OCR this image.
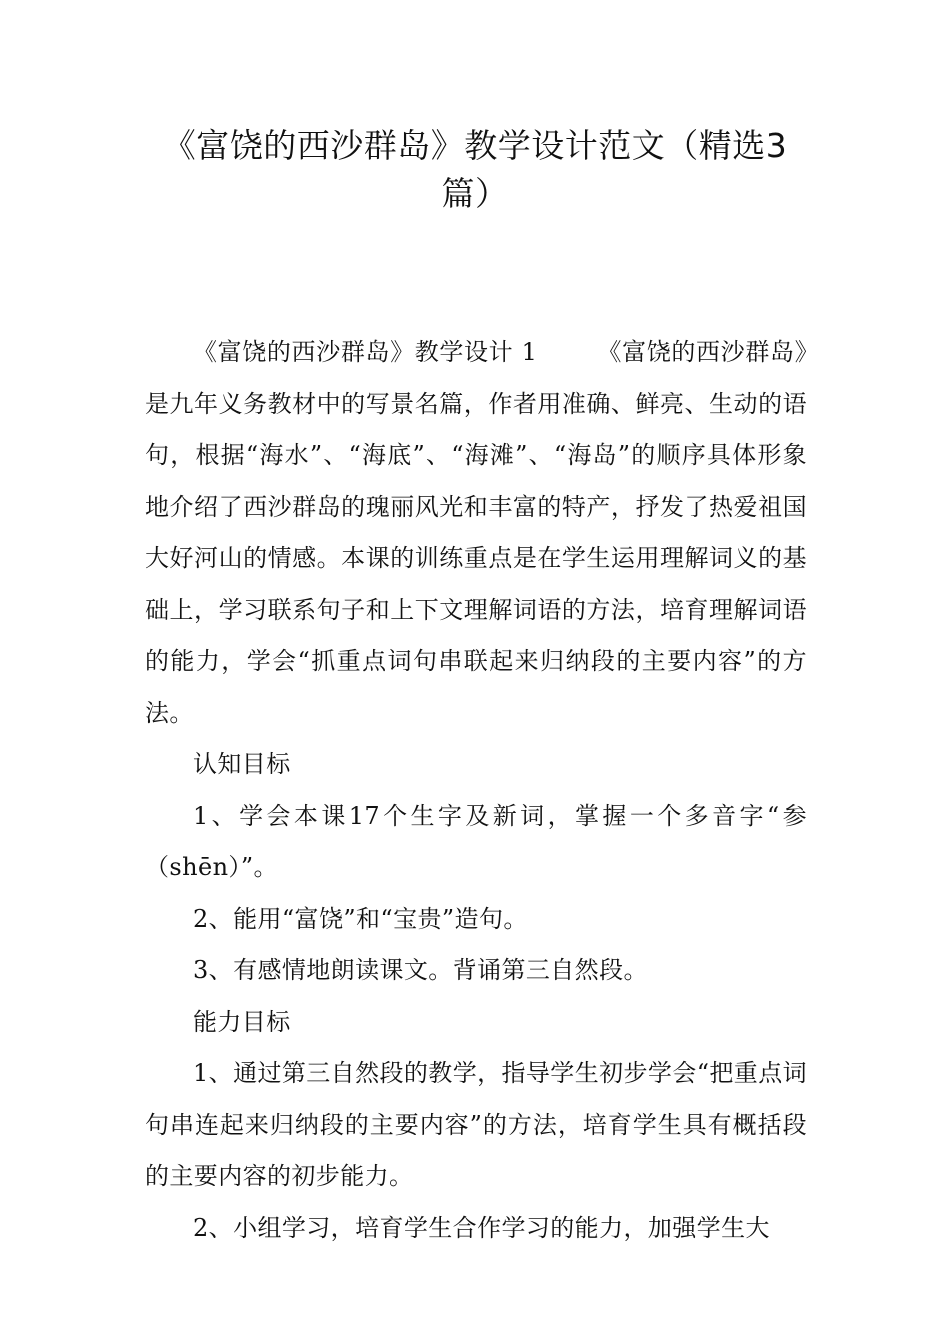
《富饶的西沙群岛》教学设计范文（精选3篇）

《富饶的西沙群岛》教学设计 1	《富饶的西沙群岛》是九年义务教材中的写景名篇，作者用准确、鲜亮、生动的语句，根据“海水”、“海底”、“海滩”、“海岛”的顺序具体形象地介绍了西沙群岛的瑰丽风光和丰富的特产，抒发了热爱祖国大好河山的情感。本课的训练重点是在学生运用理解词义的基础上，学习联系句子和上下文理解词语的方法，培育理解词语的能力，学会“抓重点词句串联起来归纳段的主要内容”的方法。

认知目标

1、学会本课17个生字及新词，掌握一个多音字“参（shēn）”。

2、能用“富饶”和“宝贵”造句。

3、有感情地朗读课文。背诵第三自然段。

能力目标

1、通过第三自然段的教学，指导学生初步学会“把重点词句串连起来归纳段的主要内容”的方法，培育学生具有概括段的主要内容的初步能力。

2、小组学习，培育学生合作学习的能力，加强学生大
